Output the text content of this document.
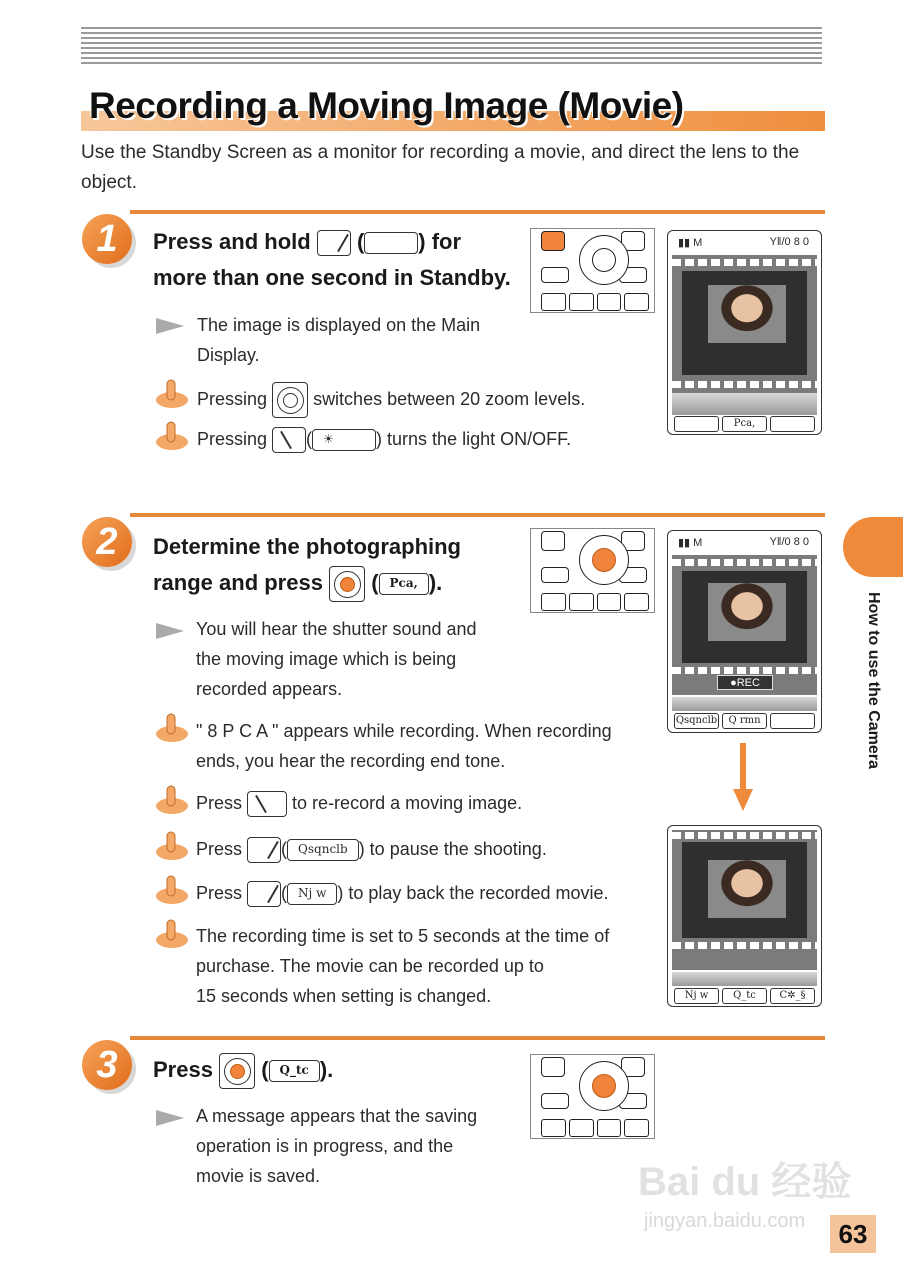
Recording a Moving Image (Movie)
Use the Standby Screen as a monitor for recording a movie, and direct the lens to the object.
1	Press and hold ( ) for
more than one second in Standby.
The image is displayed on the Main
Display.
Pressing	switches between 20 zoom levels.
Pressing ( ☀ ) turns the light ON/OFF.
▮▮ M	Y‖/0 8 0
Pca,
2	Determine the photographing
range and press ( Pca, ).
You will hear the shutter sound and
the moving image which is being
recorded appears.
" 8 P C A " appears while recording. When recording
ends, you hear the recording end tone.
Press	to re-record a moving image.
Press ( Qsqnclb ) to pause the shooting.
Press ( Nj w ) to play back the recorded movie.
The recording time is set to 5 seconds at the time of
purchase. The movie can be recorded up to
15 seconds when setting is changed.
▮▮ M	Y‖/0 8 0
●REC
Qsqnclb	Q rmn
Nj w	Q_tc	C✲_§
3	Press ( Q_tc ).
A message appears that the saving
operation is in progress, and the
movie is saved.
How to use the Camera
Bai du 经验
jingyan.baidu.com	63
